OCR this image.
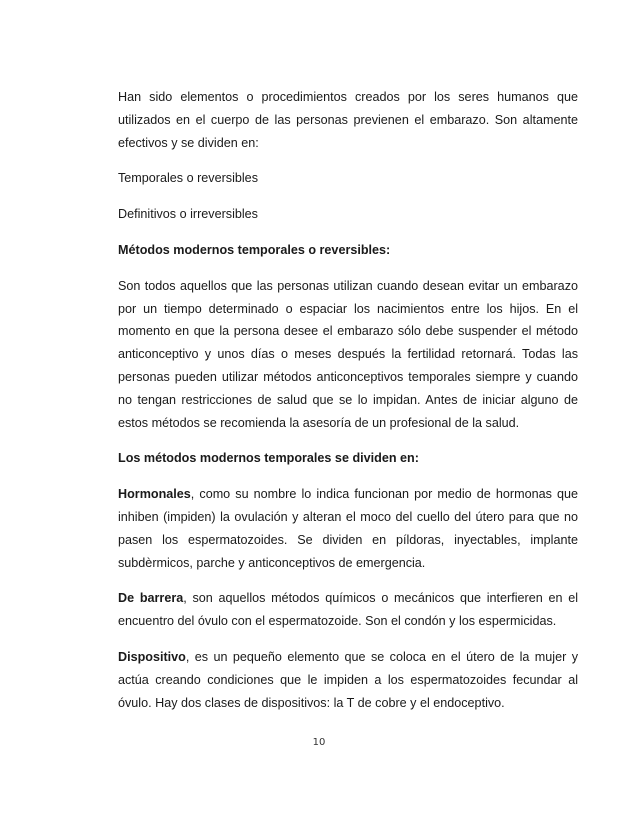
Han sido elementos o procedimientos creados por los seres humanos que utilizados en el cuerpo de las personas previenen el embarazo. Son altamente efectivos y se dividen en:

Temporales o reversibles

Definitivos o irreversibles

Métodos modernos temporales o reversibles:

Son todos aquellos que las personas utilizan cuando desean evitar un embarazo por un tiempo determinado o espaciar los nacimientos entre los hijos. En el momento en que la persona desee el embarazo sólo debe suspender el método anticonceptivo y unos días o meses después la fertilidad retornará. Todas las personas pueden utilizar métodos anticonceptivos temporales siempre y cuando no tengan restricciones de salud que se lo impidan. Antes de iniciar alguno de estos métodos se recomienda la asesoría de un profesional de la salud.

Los métodos modernos temporales se dividen en:

Hormonales, como su nombre lo indica funcionan por medio de hormonas que inhiben (impiden) la ovulación y alteran el moco del cuello del útero para que no pasen los espermatozoides. Se dividen en píldoras, inyectables, implante subdèrmicos, parche y anticonceptivos de emergencia.

De barrera, son aquellos métodos químicos o mecánicos que interfieren en el encuentro del óvulo con el espermatozoide. Son el condón y los espermicidas.

Dispositivo, es un pequeño elemento que se coloca en el útero de la mujer y actúa creando condiciones que le impiden a los espermatozoides fecundar al óvulo. Hay dos clases de dispositivos: la T de cobre y el endoceptivo.

10
